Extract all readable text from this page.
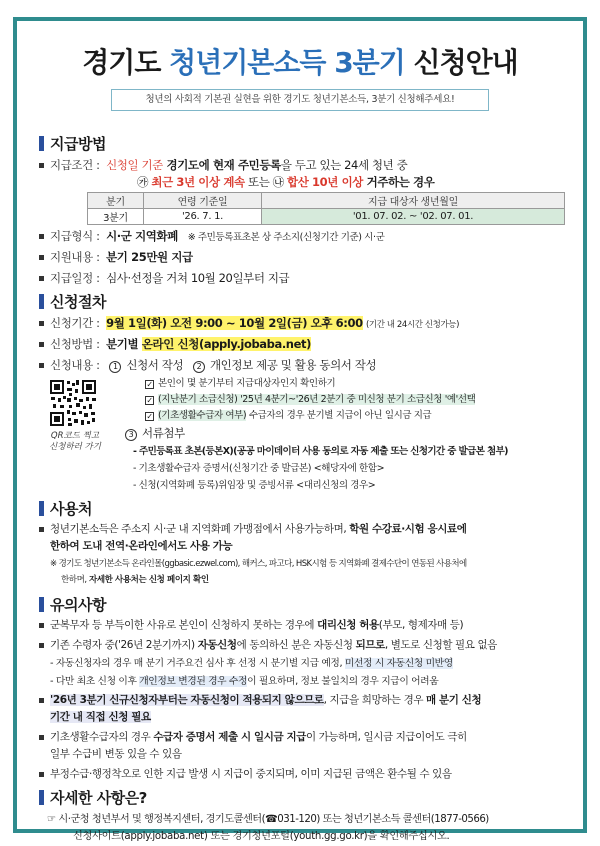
경기도 청년기본소득 3분기 신청안내
청년의 사회적 기본권 실현을 위한 경기도 청년기본소득, 3분기 신청해주세요!
지급방법
지급조건 : 신청일 기준 경기도에 현재 주민등록을 두고 있는 24세 청년 중
㉮ 최근 3년 이상 계속 또는 ㉯ 합산 10년 이상 거주하는 경우
분기	연령 기준일	지급 대상자 생년월일
3분기	'26. 7. 1.	'01. 07. 02. ~ '02. 07. 01.
지급형식 : 시·군 지역화폐 ※ 주민등록표초본 상 주소지(신청기간 기준) 시·군
지원내용 : 분기 25만원 지급
지급일정 : 심사·선정을 거쳐 10월 20일부터 지급
신청절차
신청기간 : 9월 1일(화) 오전 9:00 ~ 10월 2일(금) 오후 6:00 (기간 내 24시간 신청가능)
신청방법 : 분기별 온라인 신청(apply.jobaba.net)
신청내용 : 1 신청서 작성 2 개인정보 제공 및 활용 동의서 작성
QR코드 찍고
신청하러 가기
✓ 본인이 몇 분기부터 지급대상자인지 확인하기
✓ (지난분기 소급신청) '25년 4분기~'26년 2분기 중 미신청 분기 소급신청 '예'선택
✓ (기초생활수급자 여부) 수급자의 경우 분기별 지급이 아닌 일시금 지급
3 서류첨부
- 주민등록표 초본(등본X)(공공 마이데이터 사용 동의로 자동 제출 또는 신청기간 중 발급본 첨부)
- 기초생활수급자 증명서(신청기간 중 발급본) <해당자에 한함>
- 신청(지역화폐 등록)위임장 및 증빙서류 <대리신청의 경우>
사용처
청년기본소득은 주소지 시·군 내 지역화폐 가맹점에서 사용가능하며, 학원 수강료·시험 응시료에
한하여 도내 전역·온라인에서도 사용 가능
※ 경기도 청년기본소득 온라인몰(ggbasic.ezwel.com), 해커스, 파고다, HSK시험 등 지역화폐 결제수단이 연동된 사용처에
한하며, 자세한 사용처는 신청 페이지 확인
유의사항
군복무자 등 부득이한 사유로 본인이 신청하지 못하는 경우에 대리신청 허용(부모, 형제자매 등)
기존 수령자 중('26년 2분기까지) 자동신청에 동의하신 분은 자동신청 되므로, 별도로 신청할 필요 없음
- 자동신청자의 경우 매 분기 거주요건 심사 후 선정 시 분기별 지급 예정, 미선정 시 자동신청 미반영
- 다만 최초 신청 이후 개인정보 변경된 경우 수정이 필요하며, 정보 불일치의 경우 지급이 어려움
'26년 3분기 신규신청자부터는 자동신청이 적용되지 않으므로, 지급을 희망하는 경우 매 분기 신청
기간 내 직접 신청 필요
기초생활수급자의 경우 수급자 증명서 제출 시 일시금 지급이 가능하며, 일시금 지급이어도 극히
일부 수급비 변동 있을 수 있음
부정수급·행정착오로 인한 지급 발생 시 지급이 중지되며, 이미 지급된 금액은 환수될 수 있음
자세한 사항은?
☞ 시·군청 청년부서 및 행정복지센터, 경기도콜센터(☎031-120) 또는 청년기본소득 콜센터(1877-0566)
신청사이트(apply.jobaba.net) 또는 경기청년포털(youth.gg.go.kr)을 확인해주십시오.
